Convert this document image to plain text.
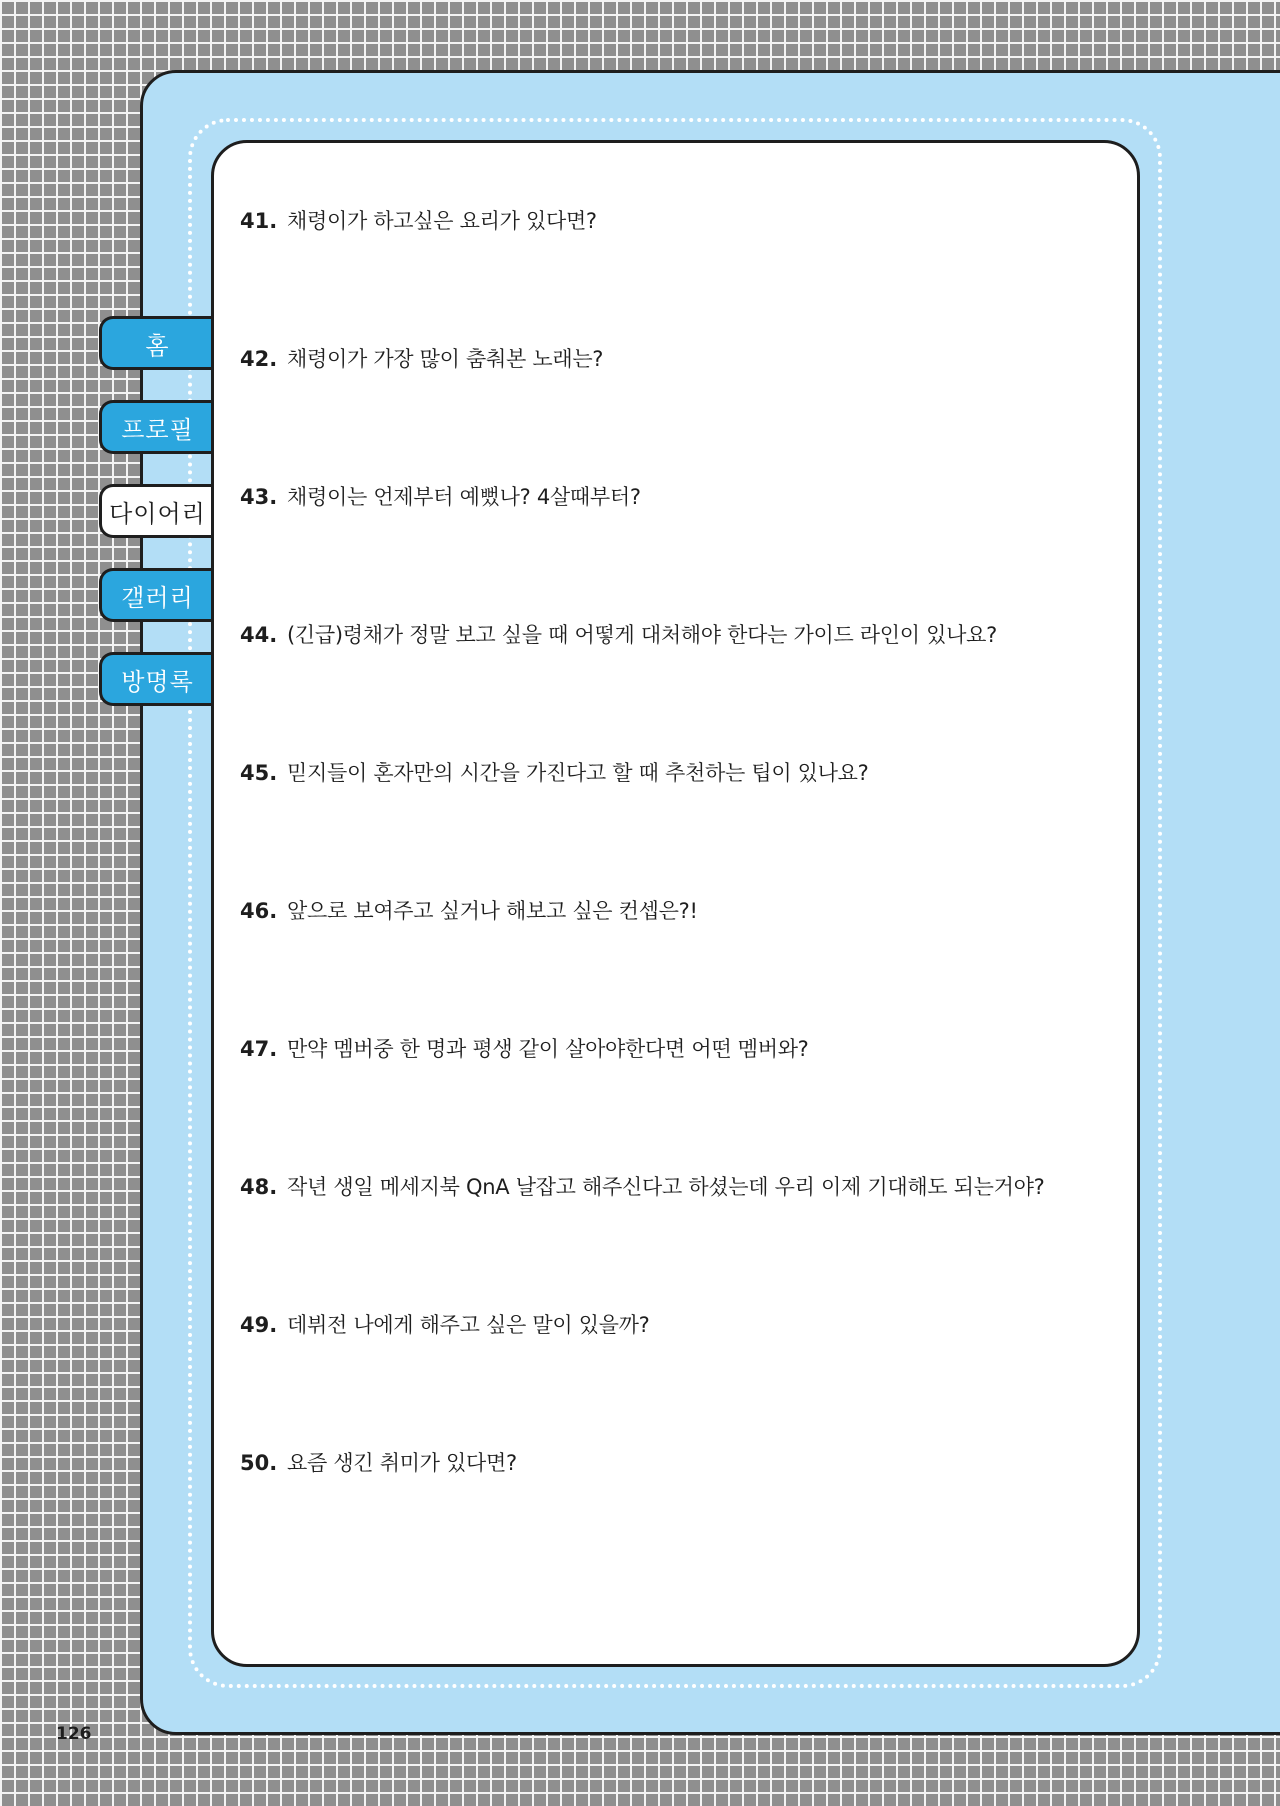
홈
프로필
다이어리
갤러리
방명록
41. 채령이가 하고싶은 요리가 있다면?
42. 채령이가 가장 많이 춤춰본 노래는?
43. 채령이는 언제부터 예뻤나? 4살때부터?
44. (긴급)령채가 정말 보고 싶을 때 어떻게 대처해야 한다는 가이드 라인이 있나요?
45. 믿지들이 혼자만의 시간을 가진다고 할 때 추천하는 팁이 있나요?
46. 앞으로 보여주고 싶거나 해보고 싶은 컨셉은?!
47. 만약 멤버중 한 명과 평생 같이 살아야한다면 어떤 멤버와?
48. 작년 생일 메세지북 QnA 날잡고 해주신다고 하셨는데 우리 이제 기대해도 되는거야?
49. 데뷔전 나에게 해주고 싶은 말이 있을까?
50. 요즘 생긴 취미가 있다면?
126
